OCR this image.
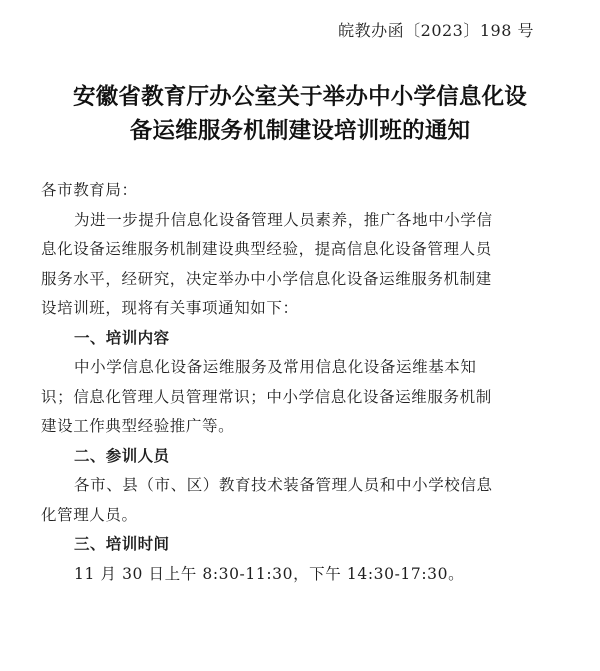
皖教办函〔2023〕198 号
安徽省教育厅办公室关于举办中小学信息化设
备运维服务机制建设培训班的通知
各市教育局：
为进一步提升信息化设备管理人员素养，推广各地中小学信
息化设备运维服务机制建设典型经验，提高信息化设备管理人员
服务水平，经研究，决定举办中小学信息化设备运维服务机制建
设培训班，现将有关事项通知如下：
一、培训内容
中小学信息化设备运维服务及常用信息化设备运维基本知
识；信息化管理人员管理常识；中小学信息化设备运维服务机制
建设工作典型经验推广等。
二、参训人员
各市、县（市、区）教育技术装备管理人员和中小学校信息
化管理人员。
三、培训时间
11 月 30 日上午 8:30-11:30，下午 14:30-17:30。
